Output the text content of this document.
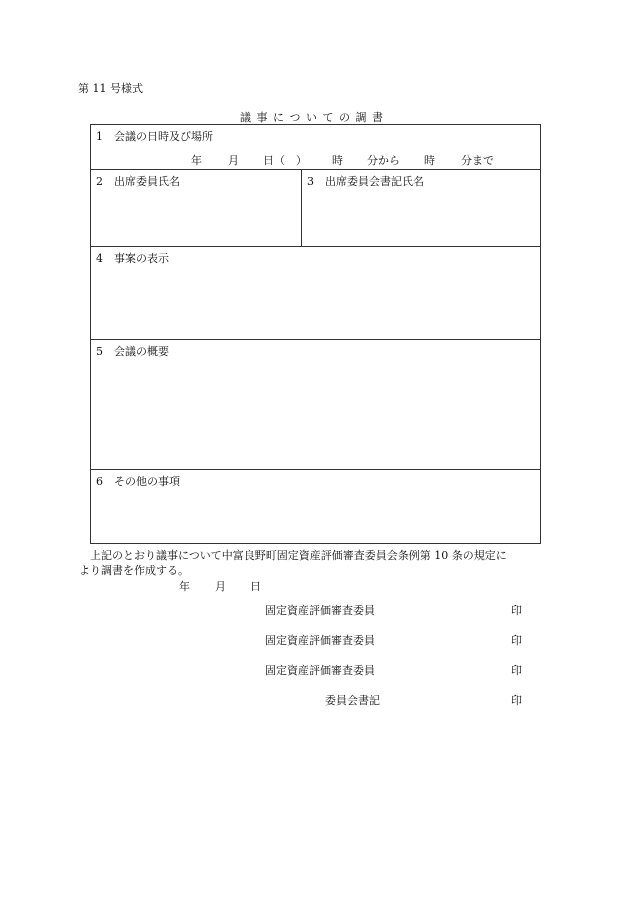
第 11 号様式
議 事 に つ い て の 調 書
1　会議の日時及び場所
年 月 日（　） 時 分から 時 分まで
2　出席委員氏名	3　出席委員会書記氏名
4　事案の表示
5　会議の概要
6　その他の事項
上記のとおり議事について中富良野町固定資産評価審査委員会条例第 10 条の規定に
より調書を作成する。
年 月 日
固定資産評価審査委員	印
固定資産評価審査委員	印
固定資産評価審査委員	印
委員会書記	印
